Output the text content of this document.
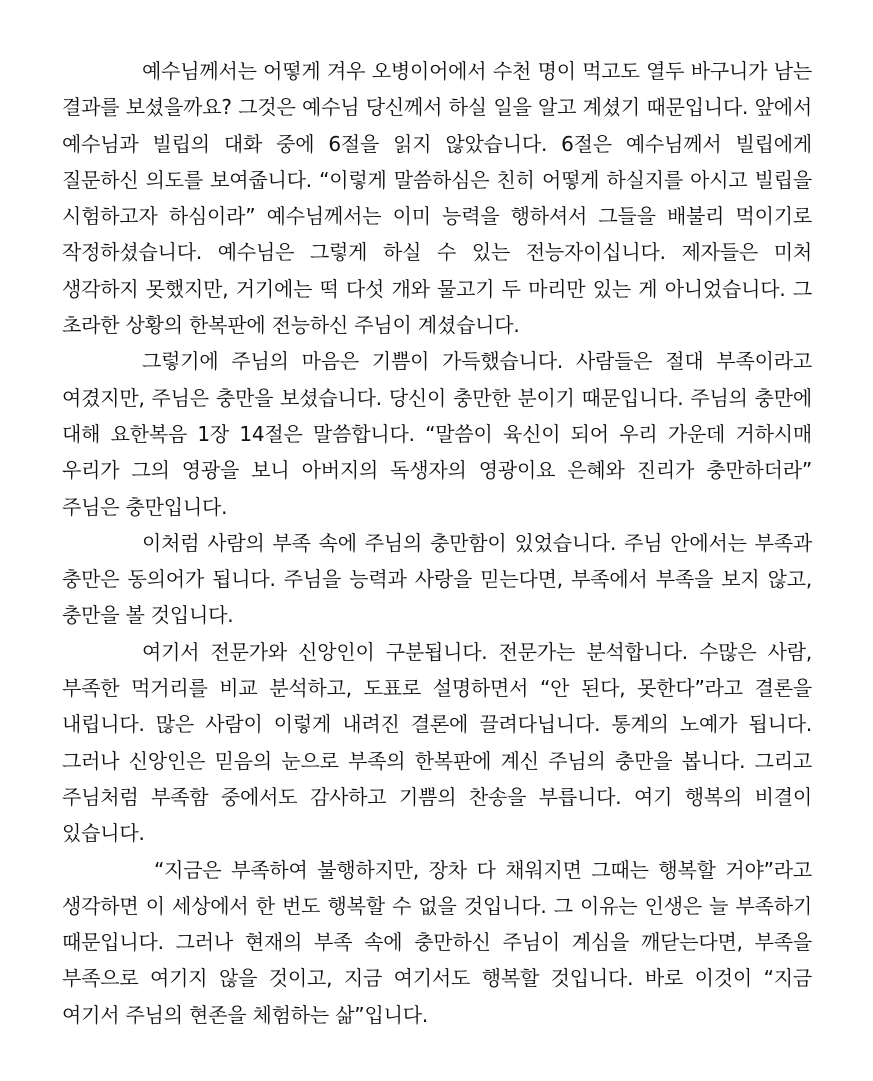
예수님께서는 어떻게 겨우 오병이어에서 수천 명이 먹고도 열두 바구니가 남는 결과를 보셨을까요? 그것은 예수님 당신께서 하실 일을 알고 계셨기 때문입니다. 앞에서 예수님과 빌립의 대화 중에 6절을 읽지 않았습니다. 6절은 예수님께서 빌립에게 질문하신 의도를 보여줍니다. “이렇게 말씀하심은 친히 어떻게 하실지를 아시고 빌립을 시험하고자 하심이라” 예수님께서는 이미 능력을 행하셔서 그들을 배불리 먹이기로 작정하셨습니다. 예수님은 그렇게 하실 수 있는 전능자이십니다. 제자들은 미처 생각하지 못했지만, 거기에는 떡 다섯 개와 물고기 두 마리만 있는 게 아니었습니다. 그 초라한 상황의 한복판에 전능하신 주님이 계셨습니다.

그렇기에 주님의 마음은 기쁨이 가득했습니다. 사람들은 절대 부족이라고 여겼지만, 주님은 충만을 보셨습니다. 당신이 충만한 분이기 때문입니다. 주님의 충만에 대해 요한복음 1장 14절은 말씀합니다. “말씀이 육신이 되어 우리 가운데 거하시매 우리가 그의 영광을 보니 아버지의 독생자의 영광이요 은혜와 진리가 충만하더라” 주님은 충만입니다.

이처럼 사람의 부족 속에 주님의 충만함이 있었습니다. 주님 안에서는 부족과 충만은 동의어가 됩니다. 주님을 능력과 사랑을 믿는다면, 부족에서 부족을 보지 않고, 충만을 볼 것입니다.

여기서 전문가와 신앙인이 구분됩니다. 전문가는 분석합니다. 수많은 사람, 부족한 먹거리를 비교 분석하고, 도표로 설명하면서 “안 된다, 못한다”라고 결론을 내립니다. 많은 사람이 이렇게 내려진 결론에 끌려다닙니다. 통계의 노예가 됩니다. 그러나 신앙인은 믿음의 눈으로 부족의 한복판에 계신 주님의 충만을 봅니다. 그리고 주님처럼 부족함 중에서도 감사하고 기쁨의 찬송을 부릅니다. 여기 행복의 비결이 있습니다.

“지금은 부족하여 불행하지만, 장차 다 채워지면 그때는 행복할 거야”라고 생각하면 이 세상에서 한 번도 행복할 수 없을 것입니다. 그 이유는 인생은 늘 부족하기 때문입니다. 그러나 현재의 부족 속에 충만하신 주님이 계심을 깨닫는다면, 부족을 부족으로 여기지 않을 것이고, 지금 여기서도 행복할 것입니다. 바로 이것이 “지금 여기서 주님의 현존을 체험하는 삶”입니다.
